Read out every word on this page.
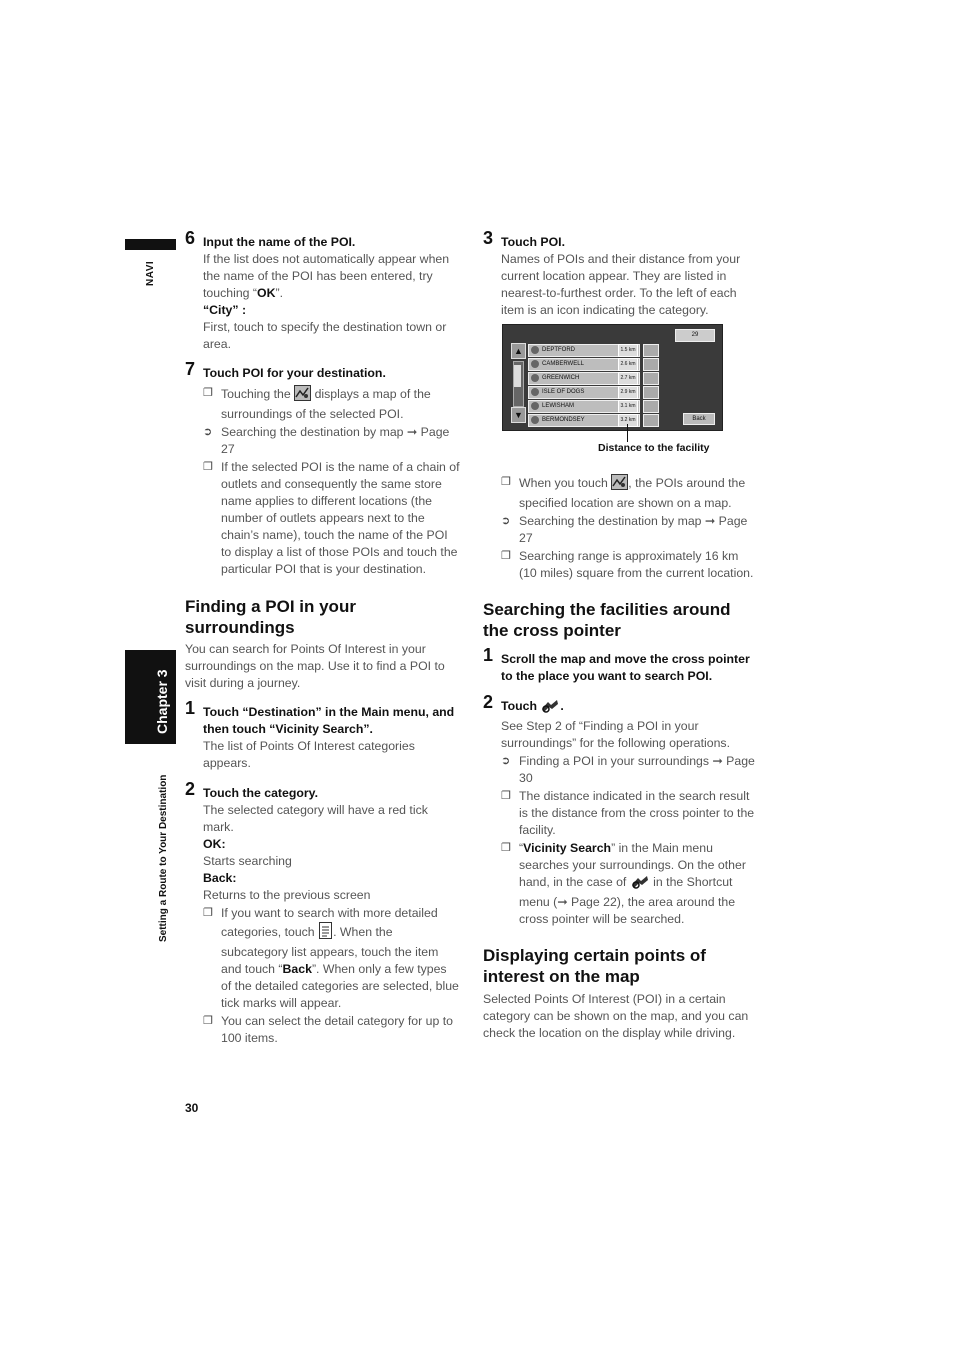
NAVI
Chapter 3
Setting a Route to Your Destination
6 Input the name of the POI.
If the list does not automatically appear when the name of the POI has been entered, try touching “OK”.
“City” :
First, touch to specify the destination town or area.
7 Touch POI for your destination.
❐ Touching the  displays a map of the surroundings of the selected POI.
➲ Searching the destination by map ➞ Page 27
❐ If the selected POI is the name of a chain of outlets and consequently the same store name applies to different locations (the number of outlets appears next to the chain’s name), touch the name of the POI to display a list of those POIs and touch the particular POI that is your destination.
Finding a POI in your surroundings
You can search for Points Of Interest in your surroundings on the map. Use it to find a POI to visit during a journey.
1 Touch “Destination” in the Main menu, and then touch “Vicinity Search”.
The list of Points Of Interest categories appears.
2 Touch the category.
The selected category will have a red tick mark.
OK:
Starts searching
Back:
Returns to the previous screen
❐ If you want to search with more detailed categories, touch . When the subcategory list appears, touch the item and touch “Back”. When only a few types of the detailed categories are selected, blue tick marks will appear.
❐ You can select the detail category for up to 100 items.
3 Touch POI.
Names of POIs and their distance from your current location appear. They are listed in nearest-to-furthest order. To the left of each item is an icon indicating the category.
▲
▼
29
DEPTFORD	1.5 km
CAMBERWELL	2.6 km
GREENWICH	2.7 km
ISLE OF DOGS	2.9 km
LEWISHAM	3.1 km
BERMONDSEY	3.2 km	Back
Distance to the facility
❐ When you touch , the POIs around the specified location are shown on a map.
➲ Searching the destination by map ➞ Page 27
❐ Searching range is approximately 16 km (10 miles) square from the current location.
Searching the facilities around the cross pointer
1 Scroll the map and move the cross pointer to the place you want to search POI.
2 Touch .
See Step 2 of “Finding a POI in your surroundings” for the following operations.
➲ Finding a POI in your surroundings ➞ Page 30
❐ The distance indicated in the search result is the distance from the cross pointer to the facility.
❐ “Vicinity Search” in the Main menu searches your surroundings. On the other hand, in the case of  in the Shortcut menu (➞ Page 22), the area around the cross pointer will be searched.
Displaying certain points of interest on the map
Selected Points Of Interest (POI) in a certain category can be shown on the map, and you can check the location on the display while driving.
30
